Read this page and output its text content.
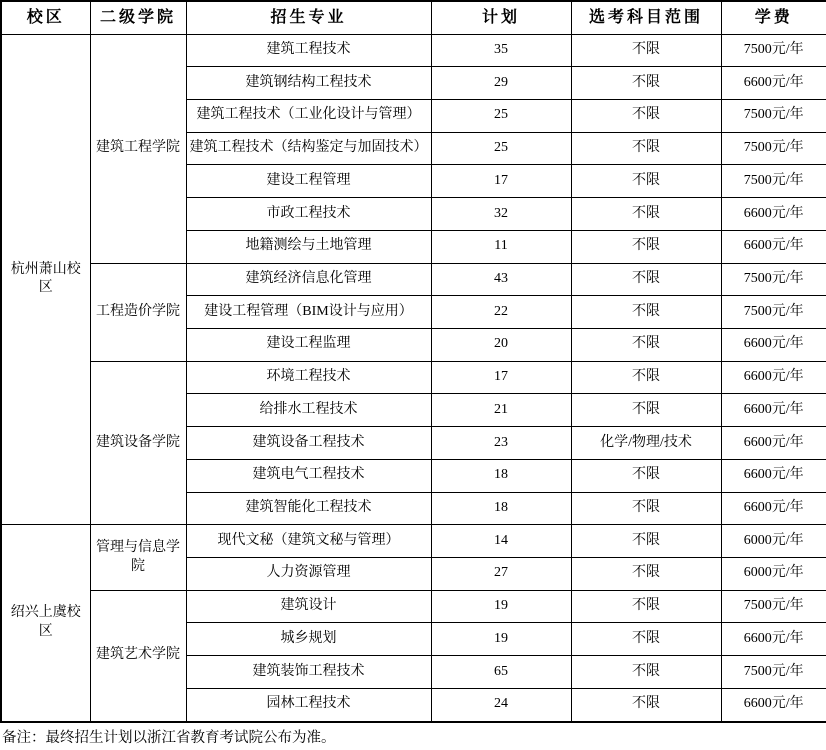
校区	二级学院	招生专业	计划	选考科目范围	学费
杭州萧山校区	建筑工程学院	建筑工程技术	35	不限	7500元/年
		建筑钢结构工程技术	29	不限	6600元/年
		建筑工程技术（工业化设计与管理）	25	不限	7500元/年
		建筑工程技术（结构鉴定与加固技术）	25	不限	7500元/年
		建设工程管理	17	不限	7500元/年
		市政工程技术	32	不限	6600元/年
		地籍测绘与土地管理	11	不限	6600元/年
	工程造价学院	建筑经济信息化管理	43	不限	7500元/年
		建设工程管理（BIM设计与应用）	22	不限	7500元/年
		建设工程监理	20	不限	6600元/年
	建筑设备学院	环境工程技术	17	不限	6600元/年
		给排水工程技术	21	不限	6600元/年
		建筑设备工程技术	23	化学/物理/技术	6600元/年
		建筑电气工程技术	18	不限	6600元/年
		建筑智能化工程技术	18	不限	6600元/年
绍兴上虞校区	管理与信息学院	现代文秘（建筑文秘与管理）	14	不限	6000元/年
		人力资源管理	27	不限	6000元/年
	建筑艺术学院	建筑设计	19	不限	7500元/年
		城乡规划	19	不限	6600元/年
		建筑装饰工程技术	65	不限	7500元/年
		园林工程技术	24	不限	6600元/年
备注：最终招生计划以浙江省教育考试院公布为准。
